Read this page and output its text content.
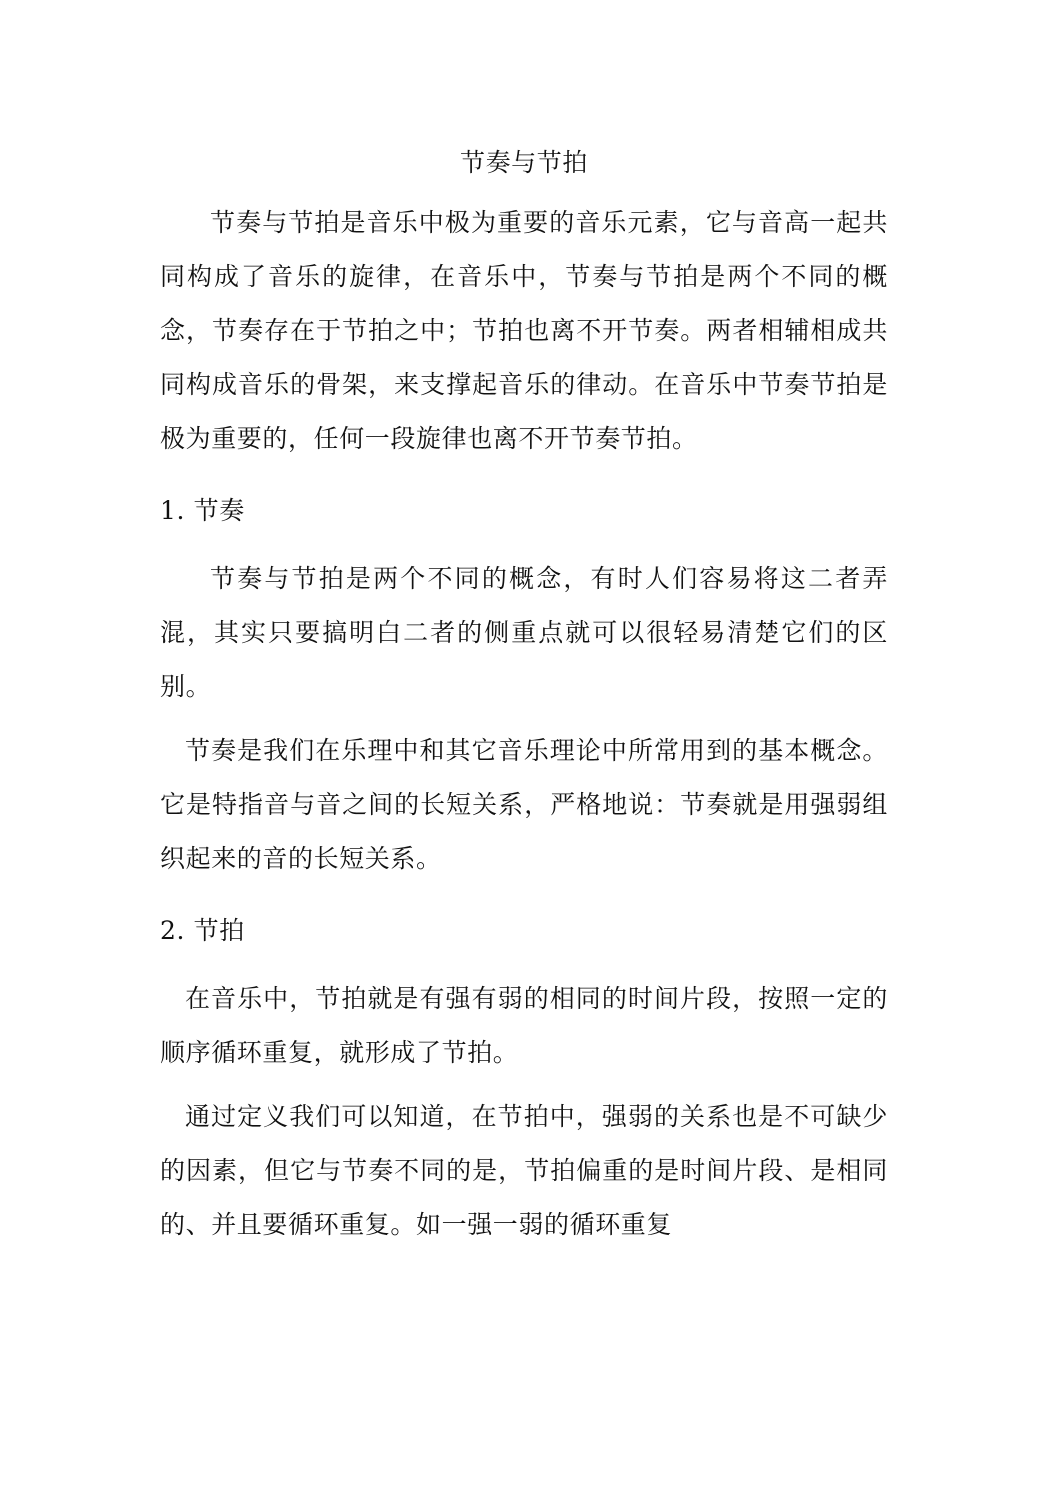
节奏与节拍

节奏与节拍是音乐中极为重要的音乐元素，它与音高一起共同构成了音乐的旋律，在音乐中，节奏与节拍是两个不同的概念，节奏存在于节拍之中；节拍也离不开节奏。两者相辅相成共同构成音乐的骨架，来支撑起音乐的律动。在音乐中节奏节拍是极为重要的，任何一段旋律也离不开节奏节拍。

1. 节奏

节奏与节拍是两个不同的概念，有时人们容易将这二者弄混，其实只要搞明白二者的侧重点就可以很轻易清楚它们的区别。

节奏是我们在乐理中和其它音乐理论中所常用到的基本概念。它是特指音与音之间的长短关系，严格地说：节奏就是用强弱组织起来的音的长短关系。

2. 节拍

在音乐中，节拍就是有强有弱的相同的时间片段，按照一定的顺序循环重复，就形成了节拍。

通过定义我们可以知道，在节拍中，强弱的关系也是不可缺少的因素，但它与节奏不同的是，节拍偏重的是时间片段、是相同的、并且要循环重复。如一强一弱的循环重复
